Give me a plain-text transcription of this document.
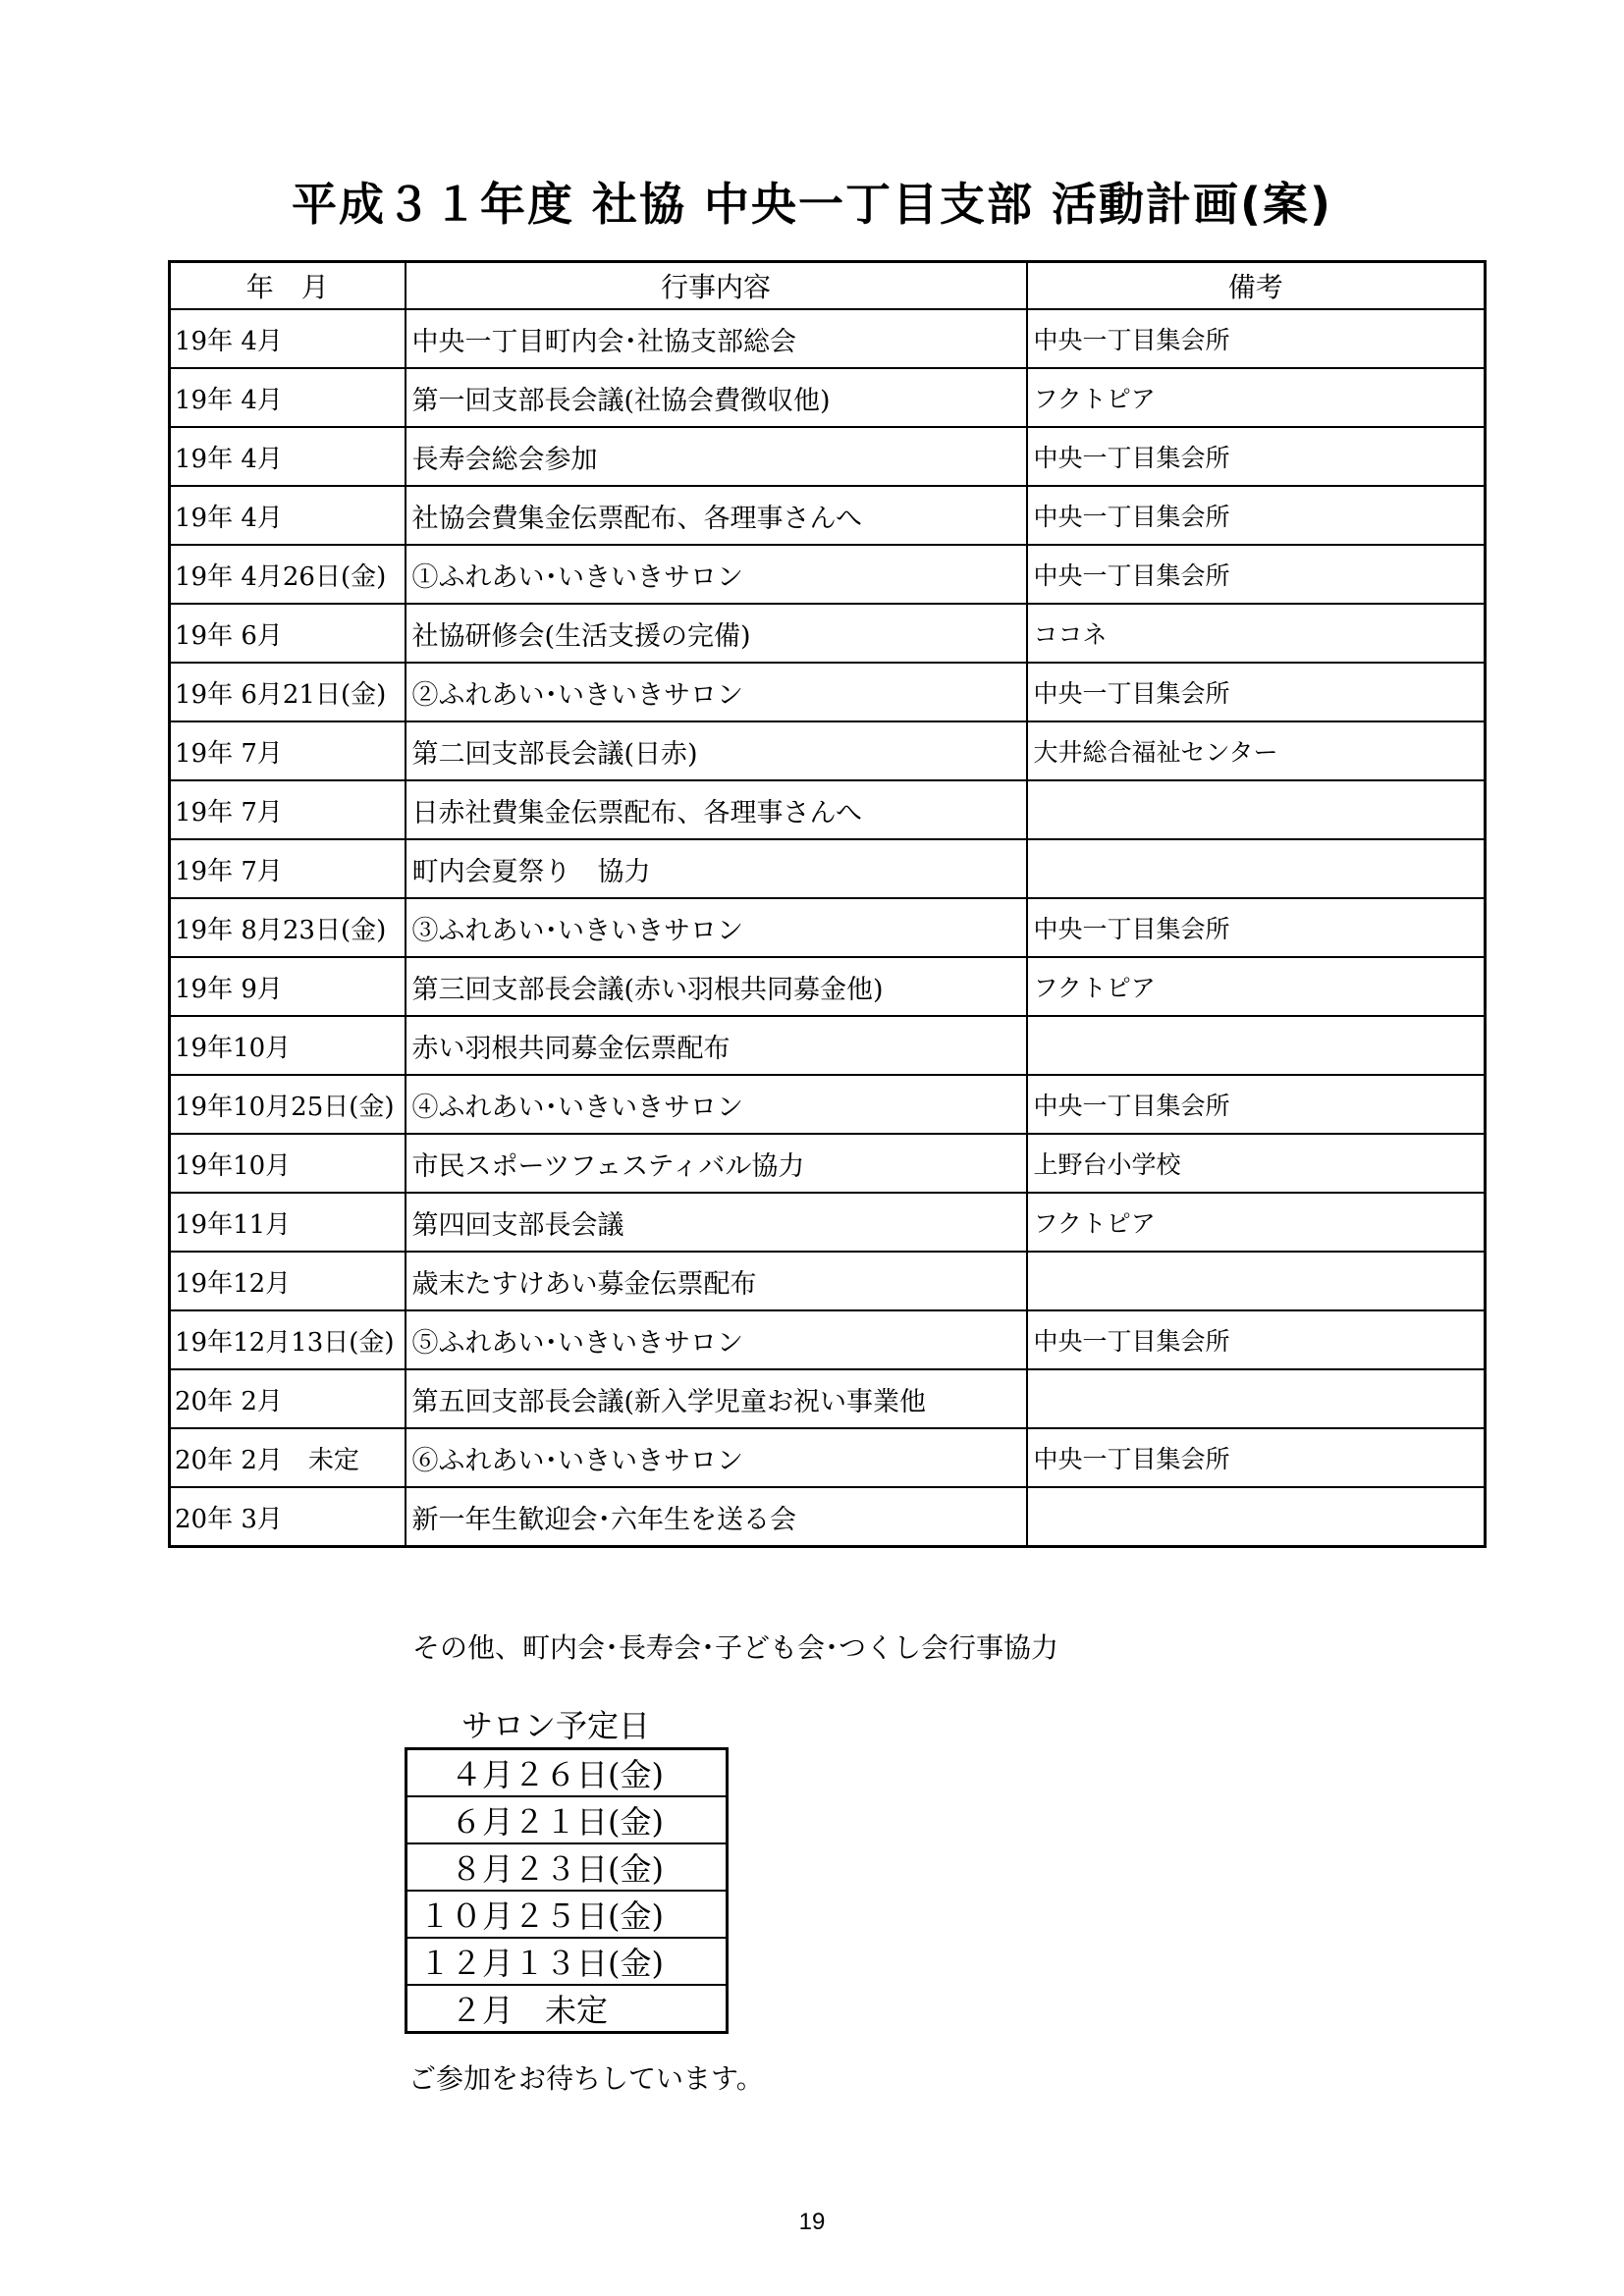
平成３１年度 社協 中央一丁目支部 活動計画(案)
年　月	行事内容	備考
19年 4月	中央一丁目町内会･社協支部総会	中央一丁目集会所
19年 4月	第一回支部長会議(社協会費徴収他)	フクトピア
19年 4月	長寿会総会参加	中央一丁目集会所
19年 4月	社協会費集金伝票配布、各理事さんへ	中央一丁目集会所
19年 4月26日(金)	①ふれあい･いきいきサロン	中央一丁目集会所
19年 6月	社協研修会(生活支援の完備)	ココネ
19年 6月21日(金)	②ふれあい･いきいきサロン	中央一丁目集会所
19年 7月	第二回支部長会議(日赤)	大井総合福祉センター
19年 7月	日赤社費集金伝票配布、各理事さんへ	
19年 7月	町内会夏祭り　協力	
19年 8月23日(金)	③ふれあい･いきいきサロン	中央一丁目集会所
19年 9月	第三回支部長会議(赤い羽根共同募金他)	フクトピア
19年10月	赤い羽根共同募金伝票配布	
19年10月25日(金)	④ふれあい･いきいきサロン	中央一丁目集会所
19年10月	市民スポーツフェスティバル協力	上野台小学校
19年11月	第四回支部長会議	フクトピア
19年12月	歳末たすけあい募金伝票配布	
19年12月13日(金)	⑤ふれあい･いきいきサロン	中央一丁目集会所
20年 2月	第五回支部長会議(新入学児童お祝い事業他	
20年 2月　未定	⑥ふれあい･いきいきサロン	中央一丁目集会所
20年 3月	新一年生歓迎会･六年生を送る会	
その他、町内会･長寿会･子ども会･つくし会行事協力
サロン予定日
　４月２６日(金)
　６月２１日(金)
　８月２３日(金)
１０月２５日(金)
１２月１３日(金)
　２月　未定
ご参加をお待ちしています。
19
